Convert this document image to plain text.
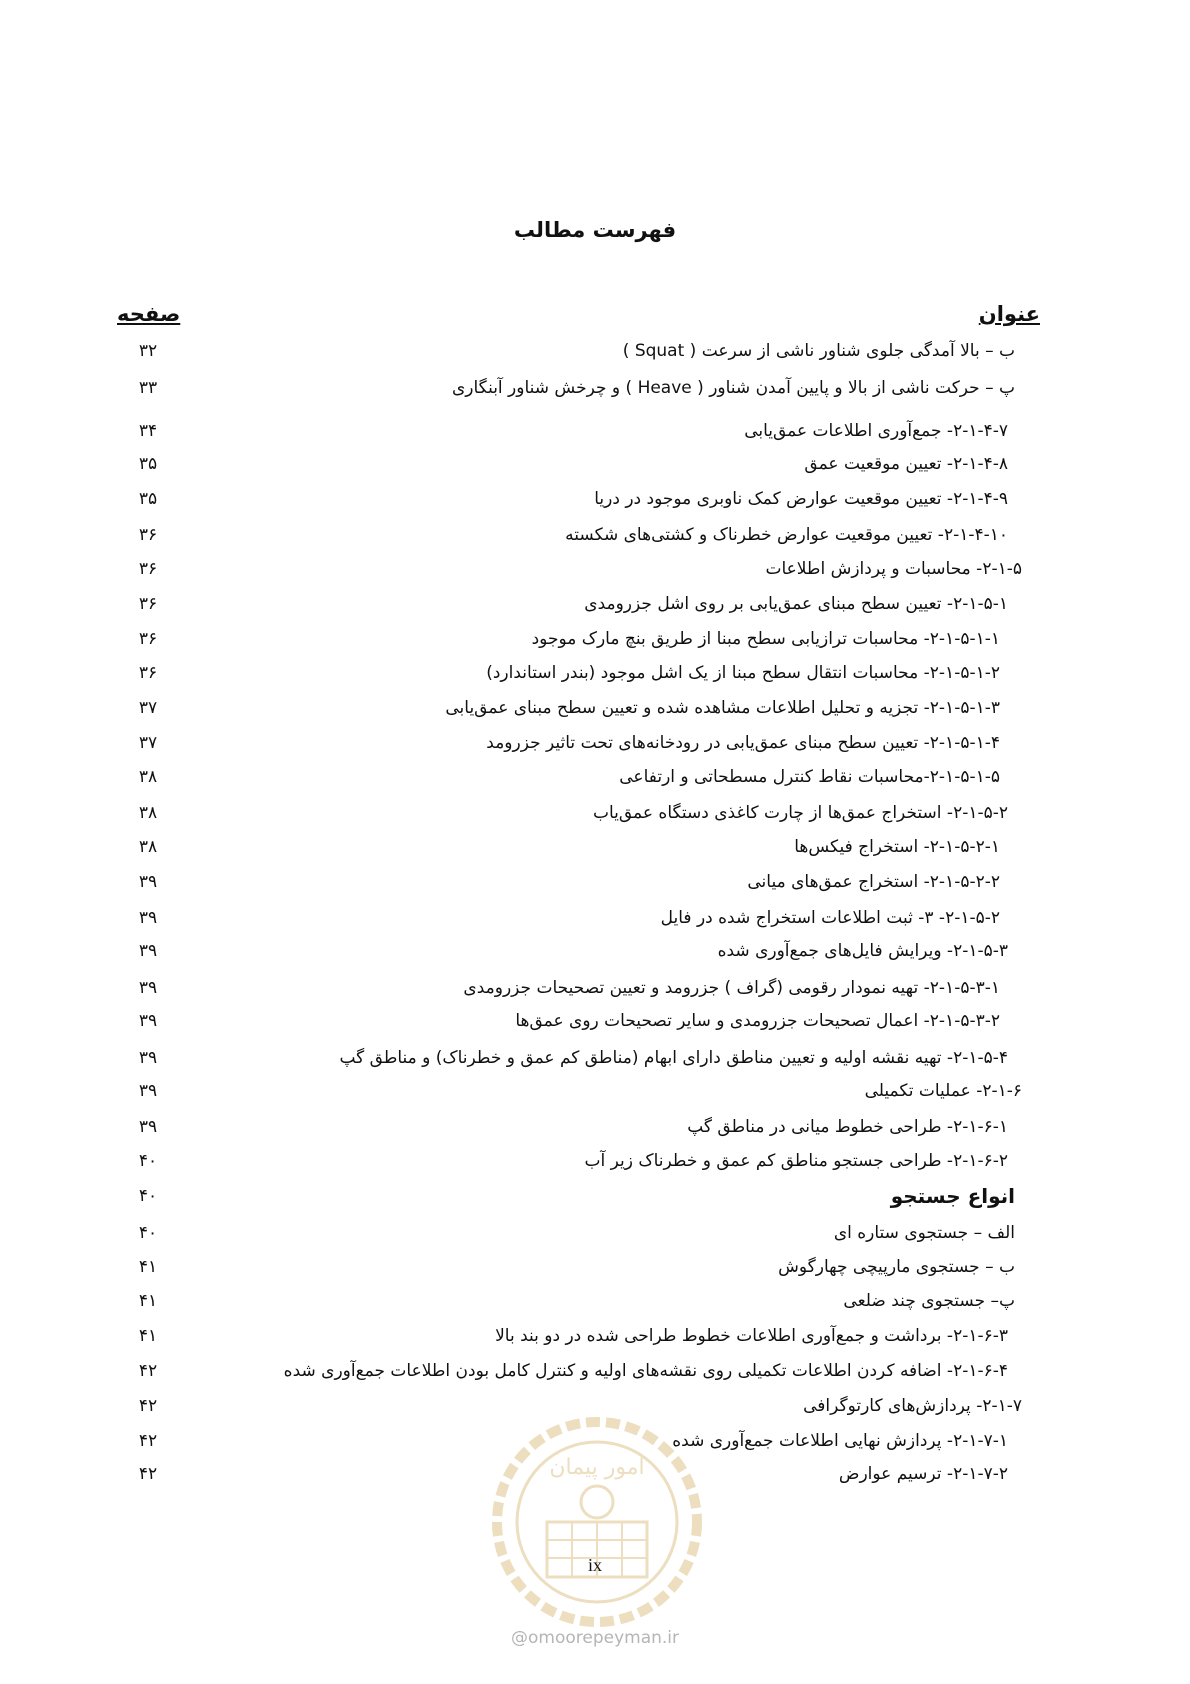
فهرست مطالب
عنوان
صفحه
ب – بالا آمدگی جلوی شناور ناشی از سرعت ( Squat )
۳۲
پ – حرکت ناشی از بالا و پایین آمدن شناور ( Heave ) و چرخش شناور آبنگاری
۳۳
۲-۱-۴-۷- جمع‌آوری اطلاعات عمق‌یابی
۳۴
۲-۱-۴-۸- تعیین موقعیت عمق
۳۵
۲-۱-۴-۹- تعیین موقعیت عوارض کمک ناوبری موجود در دریا
۳۵
۲-۱-۴-۱۰- تعیین موقعیت عوارض خطرناک و کشتی‌های شکسته
۳۶
۲-۱-۵- محاسبات و پردازش اطلاعات
۳۶
۲-۱-۵-۱- تعیین سطح مبنای عمق‌یابی بر روی اشل جزرومدی
۳۶
۲-۱-۵-۱-۱- محاسبات ترازیابی سطح مبنا از طریق بنچ مارک موجود
۳۶
۲-۱-۵-۱-۲- محاسبات انتقال سطح مبنا از یک اشل موجود (بندر استاندارد)
۳۶
۲-۱-۵-۱-۳- تجزیه و تحلیل اطلاعات مشاهده شده و تعیین سطح مبنای عمق‌یابی
۳۷
۲-۱-۵-۱-۴- تعیین سطح مبنای عمق‌یابی در رودخانه‌های تحت تاثیر جزرومد
۳۷
۲-۱-۵-۱-۵-محاسبات نقاط کنترل مسطحاتی و ارتفاعی
۳۸
۲-۱-۵-۲- استخراج عمق‌ها از چارت کاغذی دستگاه عمق‌یاب
۳۸
۲-۱-۵-۲-۱- استخراج فیکس‌ها
۳۸
۲-۱-۵-۲-۲- استخراج عمق‌های میانی
۳۹
۲-۱-۵-۲- ۳- ثبت اطلاعات استخراج شده در فایل
۳۹
۲-۱-۵-۳- ویرایش فایل‌های جمع‌آوری شده
۳۹
۲-۱-۵-۳-۱- تهیه نمودار رقومی (گراف ) جزرومد و تعیین تصحیحات جزرومدی
۳۹
۲-۱-۵-۳-۲- اعمال تصحیحات جزرومدی و سایر تصحیحات روی عمق‌ها
۳۹
۲-۱-۵-۴- تهیه نقشه اولیه و تعیین مناطق دارای ابهام (مناطق کم عمق و خطرناک) و مناطق گپ
۳۹
۲-۱-۶- عملیات تکمیلی
۳۹
۲-۱-۶-۱- طراحی خطوط میانی در مناطق گپ
۳۹
۲-۱-۶-۲- طراحی جستجو مناطق کم عمق و خطرناک زیر آب
۴۰
انواع جستجو
۴۰
الف – جستجوی ستاره ای
۴۰
ب – جستجوی مارپیچی چهارگوش
۴۱
پ– جستجوی چند ضلعی
۴۱
۲-۱-۶-۳- برداشت و جمع‌آوری اطلاعات خطوط طراحی شده در دو بند بالا
۴۱
۲-۱-۶-۴- اضافه کردن اطلاعات تکمیلی روی نقشه‌های اولیه و کنترل کامل بودن اطلاعات جمع‌آوری شده
۴۲
۲-۱-۷- پردازش‌های کارتوگرافی
۴۲
۲-۱-۷-۱- پردازش نهایی اطلاعات جمع‌آوری شده
۴۲
۲-۱-۷-۲- ترسیم عوارض
۴۲	امور پیمان
ix
@omoorepeyman.ir
